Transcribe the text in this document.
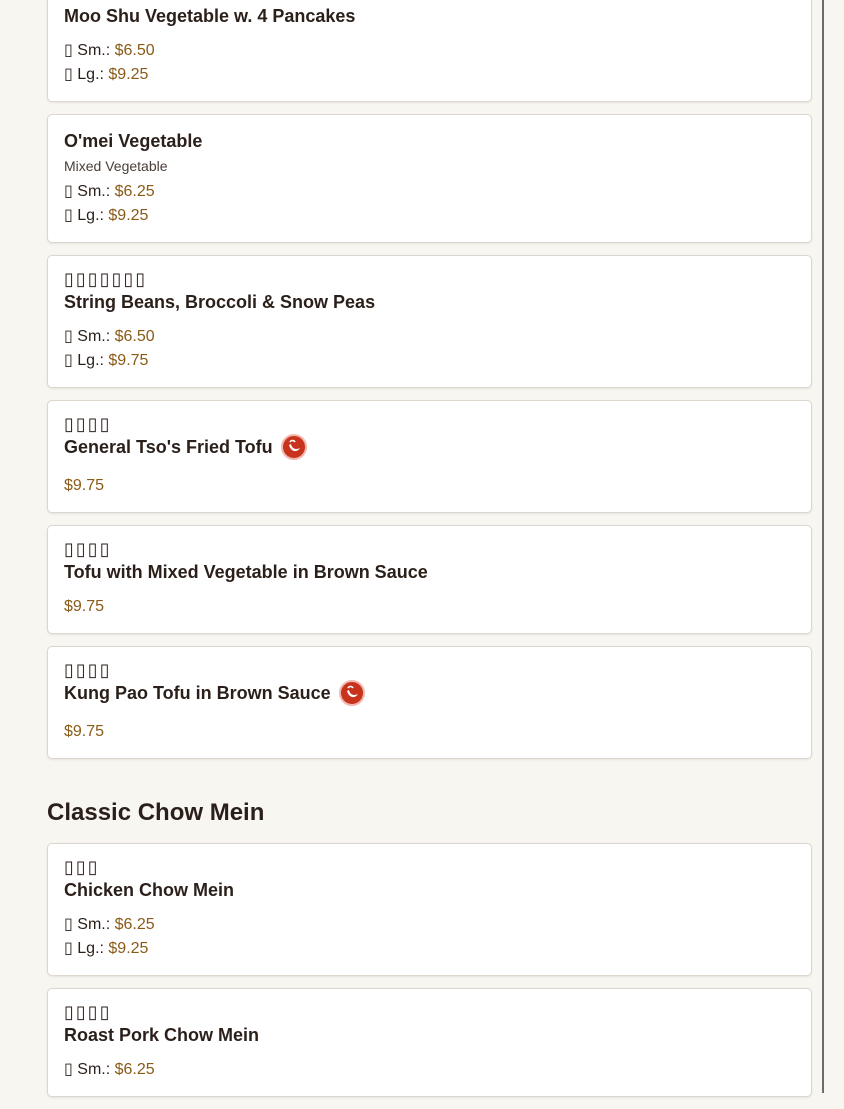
Moo Shu Vegetable w. 4 Pancakes
▯ Sm.: $6.50
▯ Lg.: $9.25
O'mei Vegetable
Mixed Vegetable
▯ Sm.: $6.25
▯ Lg.: $9.25
▯▯▯▯▯▯▯
String Beans, Broccoli & Snow Peas
▯ Sm.: $6.50
▯ Lg.: $9.75
▯▯▯▯
General Tso's Fried Tofu
$9.75
▯▯▯▯
Tofu with Mixed Vegetable in Brown Sauce
$9.75
▯▯▯▯
Kung Pao Tofu in Brown Sauce
$9.75
Classic Chow Mein
▯▯▯
Chicken Chow Mein
▯ Sm.: $6.25
▯ Lg.: $9.25
▯▯▯▯
Roast Pork Chow Mein
▯ Sm.: $6.25
